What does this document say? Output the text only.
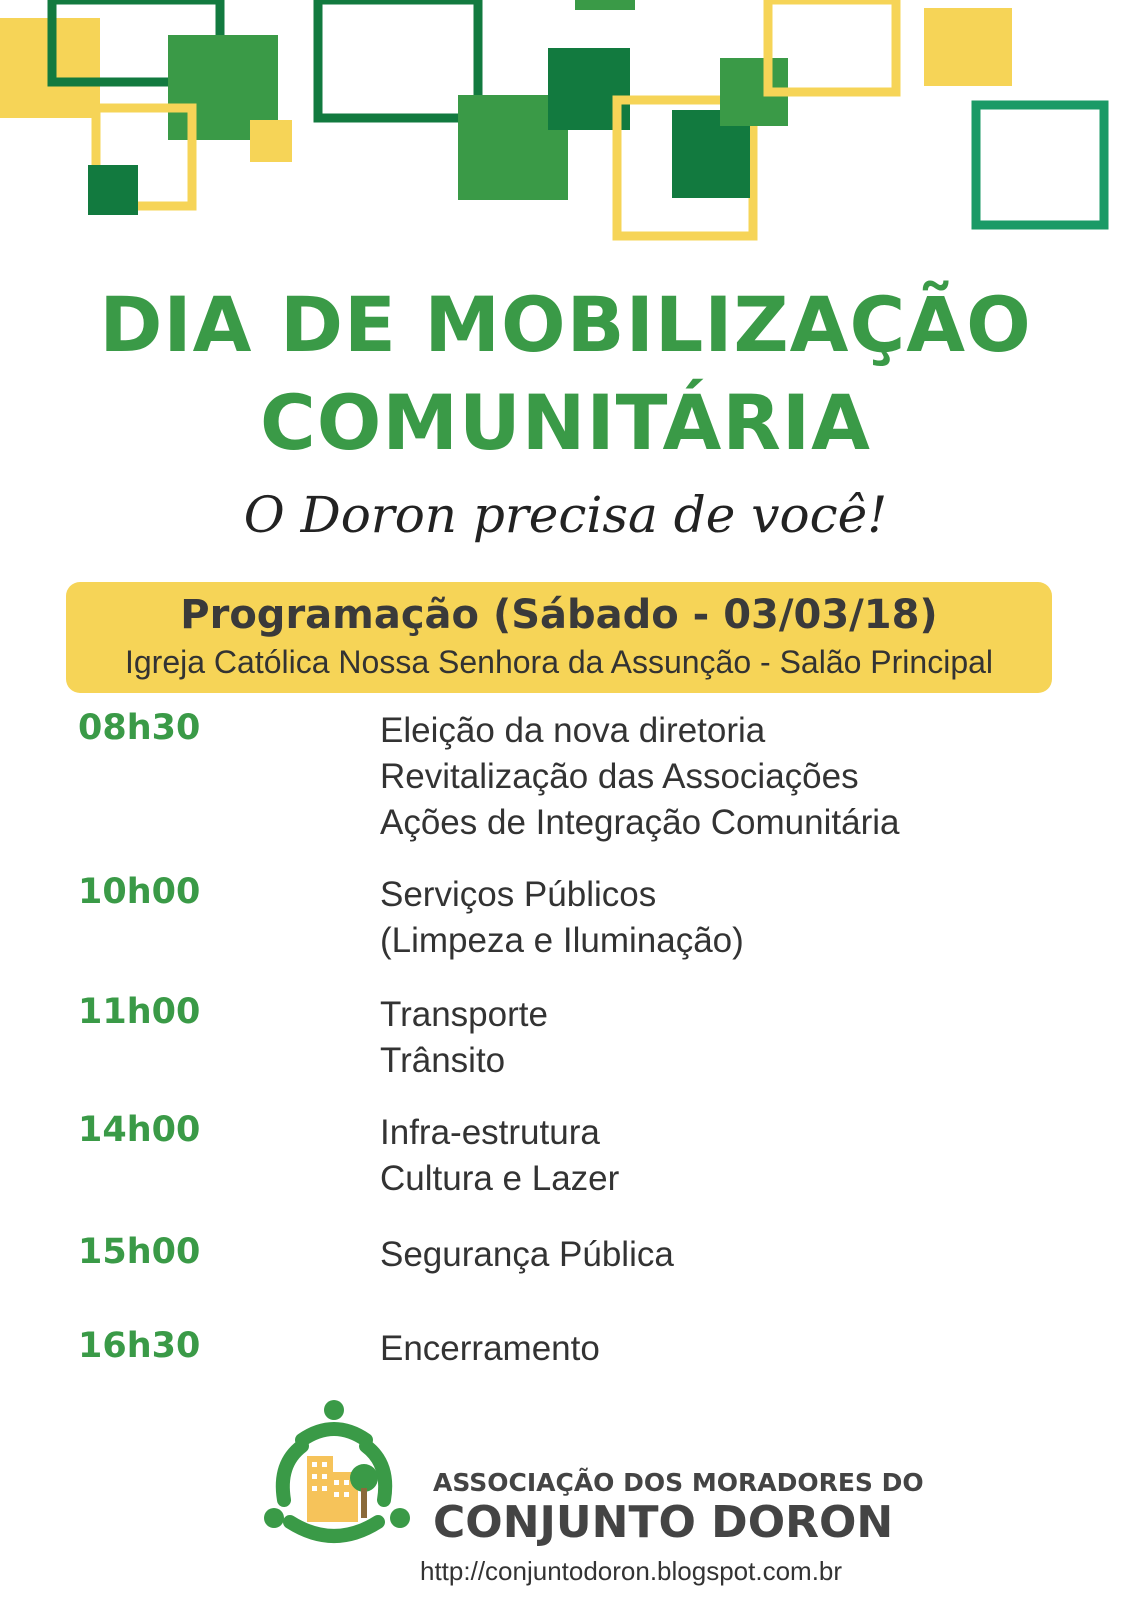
DIA DE MOBILIZAÇÃO
COMUNITÁRIA
O Doron precisa de você!
Programação (Sábado - 03/03/18)
Igreja Católica Nossa Senhora da Assunção - Salão Principal
08h30	Eleição da nova diretoria
Revitalização das Associações
Ações de Integração Comunitária
10h00	Serviços Públicos
(Limpeza e Iluminação)
11h00	Transporte
Trânsito
14h00	Infra-estrutura
Cultura e Lazer
15h00	Segurança Pública
16h30	Encerramento
ASSOCIAÇÃO DOS MORADORES DO
CONJUNTO DORON
http://conjuntodoron.blogspot.com.br
